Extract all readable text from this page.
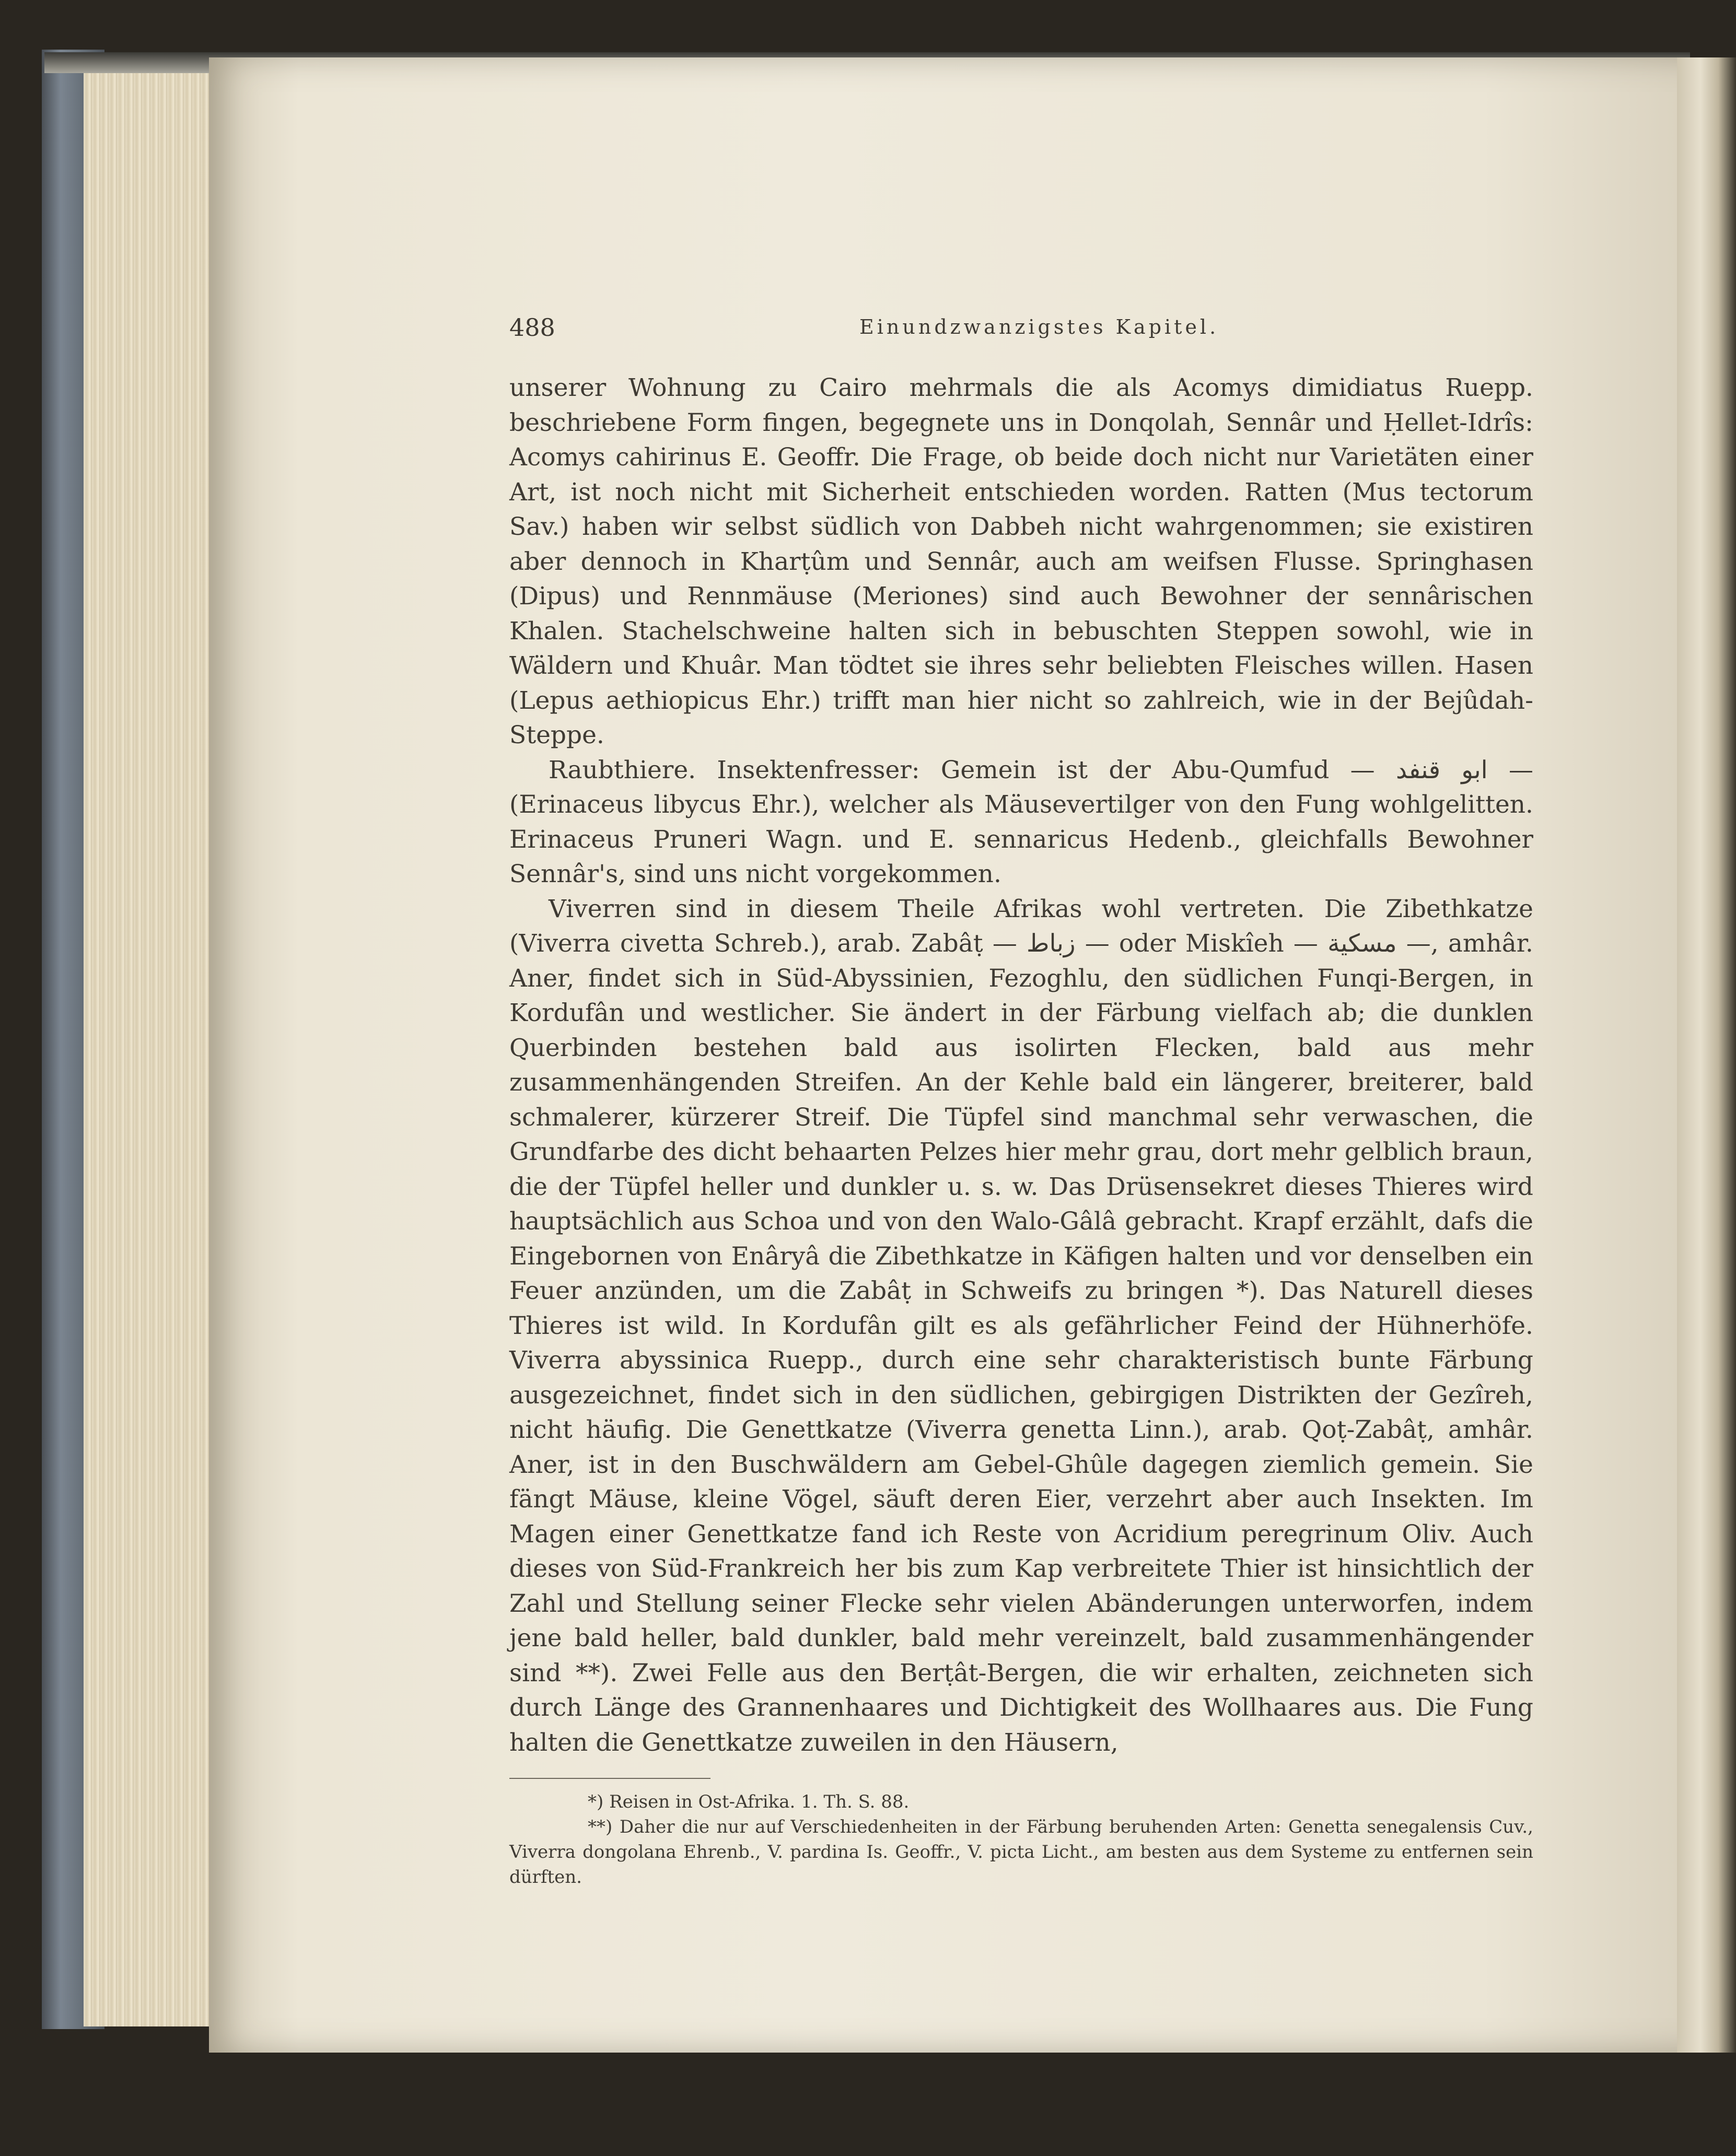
488	Einundzwanzigstes Kapitel.

unserer Wohnung zu Cairo mehrmals die als Acomys dimidiatus Ruepp. beschriebene Form fingen, begegnete uns in Donqolah, Sennâr und Ḥellet-Idrîs: Acomys cahirinus E. Geoffr. Die Frage, ob beide doch nicht nur Varietäten einer Art, ist noch nicht mit Sicherheit entschieden worden. Ratten (Mus tectorum Sav.) haben wir selbst südlich von Dabbeh nicht wahrgenommen; sie existiren aber dennoch in Kharṭûm und Sennâr, auch am weifsen Flusse. Springhasen (Dipus) und Rennmäuse (Meriones) sind auch Bewohner der sennârischen Khalen. Stachelschweine halten sich in bebuschten Steppen sowohl, wie in Wäldern und Khuâr. Man tödtet sie ihres sehr beliebten Fleisches willen. Hasen (Lepus aethiopicus Ehr.) trifft man hier nicht so zahlreich, wie in der Bejûdah-Steppe.

Raubthiere. Insektenfresser: Gemein ist der Abu-Qumfud — ابو قنفد — (Erinaceus libycus Ehr.), welcher als Mäusevertilger von den Fung wohlgelitten. Erinaceus Pruneri Wagn. und E. sennaricus Hedenb., gleichfalls Bewohner Sennâr's, sind uns nicht vorgekommen.

Viverren sind in diesem Theile Afrikas wohl vertreten. Die Zibethkatze (Viverra civetta Schreb.), arab. Zabâṭ — زباط — oder Miskîeh — مسكية —, amhâr. Aner, findet sich in Süd-Abyssinien, Fezoghlu, den südlichen Funqi-Bergen, in Kordufân und westlicher. Sie ändert in der Färbung vielfach ab; die dunklen Querbinden bestehen bald aus isolirten Flecken, bald aus mehr zusammenhängenden Streifen. An der Kehle bald ein längerer, breiterer, bald schmalerer, kürzerer Streif. Die Tüpfel sind manchmal sehr verwaschen, die Grundfarbe des dicht behaarten Pelzes hier mehr grau, dort mehr gelblich braun, die der Tüpfel heller und dunkler u. s. w. Das Drüsensekret dieses Thieres wird hauptsächlich aus Schoa und von den Walo-Gâlâ gebracht. Krapf erzählt, dafs die Eingebornen von Enâryâ die Zibethkatze in Käfigen halten und vor denselben ein Feuer anzünden, um die Zabâṭ in Schweifs zu bringen *). Das Naturell dieses Thieres ist wild. In Kordufân gilt es als gefährlicher Feind der Hühnerhöfe. Viverra abyssinica Ruepp., durch eine sehr charakteristisch bunte Färbung ausgezeichnet, findet sich in den südlichen, gebirgigen Distrikten der Gezîreh, nicht häufig. Die Genettkatze (Viverra genetta Linn.), arab. Qoṭ-Zabâṭ, amhâr. Aner, ist in den Buschwäldern am Gebel-Ghûle dagegen ziemlich gemein. Sie fängt Mäuse, kleine Vögel, säuft deren Eier, verzehrt aber auch Insekten. Im Magen einer Genettkatze fand ich Reste von Acridium peregrinum Oliv. Auch dieses von Süd-Frankreich her bis zum Kap verbreitete Thier ist hinsichtlich der Zahl und Stellung seiner Flecke sehr vielen Abänderungen unterworfen, indem jene bald heller, bald dunkler, bald mehr vereinzelt, bald zusammenhängender sind **). Zwei Felle aus den Berṭât-Bergen, die wir erhalten, zeichneten sich durch Länge des Grannenhaares und Dichtigkeit des Wollhaares aus. Die Fung halten die Genettkatze zuweilen in den Häusern,

*) Reisen in Ost-Afrika. 1. Th. S. 88.

**) Daher die nur auf Verschiedenheiten in der Färbung beruhenden Arten: Genetta senegalensis Cuv., Viverra dongolana Ehrenb., V. pardina Is. Geoffr., V. picta Licht., am besten aus dem Systeme zu entfernen sein dürften.
